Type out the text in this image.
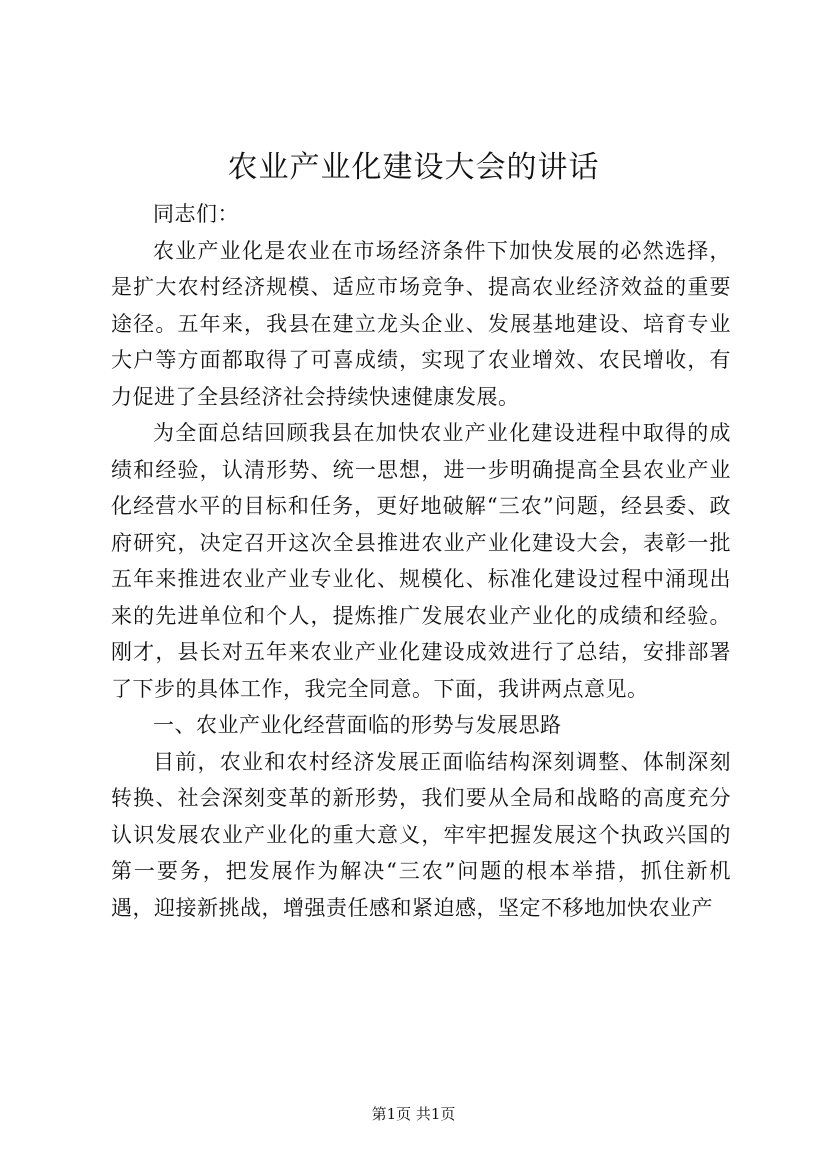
农业产业化建设大会的讲话

同志们：

农业产业化是农业在市场经济条件下加快发展的必然选择，是扩大农村经济规模、适应市场竞争、提高农业经济效益的重要途径。五年来，我县在建立龙头企业、发展基地建设、培育专业大户等方面都取得了可喜成绩，实现了农业增效、农民增收，有力促进了全县经济社会持续快速健康发展。

为全面总结回顾我县在加快农业产业化建设进程中取得的成绩和经验，认清形势、统一思想，进一步明确提高全县农业产业化经营水平的目标和任务，更好地破解“三农”问题，经县委、政府研究，决定召开这次全县推进农业产业化建设大会，表彰一批五年来推进农业产业专业化、规模化、标准化建设过程中涌现出来的先进单位和个人，提炼推广发展农业产业化的成绩和经验。刚才，县长对五年来农业产业化建设成效进行了总结，安排部署了下步的具体工作，我完全同意。下面，我讲两点意见。

一、农业产业化经营面临的形势与发展思路

目前，农业和农村经济发展正面临结构深刻调整、体制深刻转换、社会深刻变革的新形势，我们要从全局和战略的高度充分认识发展农业产业化的重大意义，牢牢把握发展这个执政兴国的第一要务，把发展作为解决“三农”问题的根本举措，抓住新机遇，迎接新挑战，增强责任感和紧迫感，坚定不移地加快农业产

第1页 共1页
